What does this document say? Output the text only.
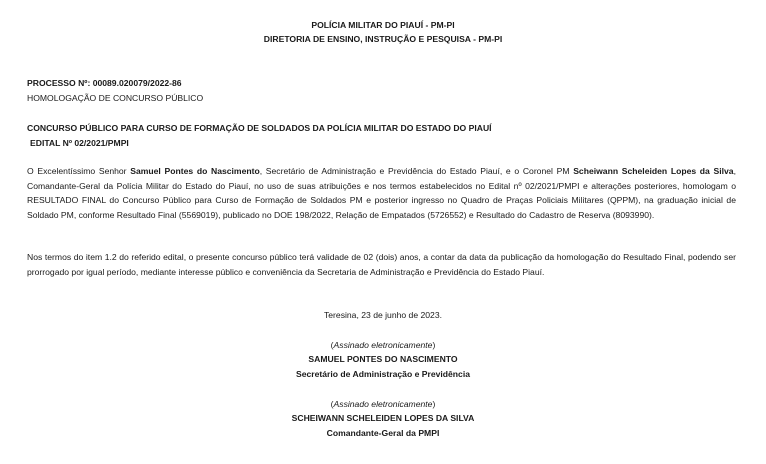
POLÍCIA MILITAR DO PIAUÍ - PM-PI
DIRETORIA DE ENSINO, INSTRUÇÃO E PESQUISA - PM-PI
PROCESSO Nº: 00089.020079/2022-86
HOMOLOGAÇÃO DE CONCURSO PÚBLICO
CONCURSO PÚBLICO PARA CURSO DE FORMAÇÃO DE SOLDADOS DA POLÍCIA MILITAR DO ESTADO DO PIAUÍ
EDITAL Nº 02/2021/PMPI
O Excelentíssimo Senhor Samuel Pontes do Nascimento, Secretário de Administração e Previdência do Estado Piauí, e o Coronel PM Scheiwann Scheleiden Lopes da Silva, Comandante-Geral da Polícia Militar do Estado do Piauí, no uso de suas atribuições e nos termos estabelecidos no Edital nº 02/2021/PMPI e alterações posteriores, homologam o RESULTADO FINAL do Concurso Público para Curso de Formação de Soldados PM e posterior ingresso no Quadro de Praças Policiais Militares (QPPM), na graduação inicial de Soldado PM, conforme Resultado Final (5569019), publicado no DOE 198/2022, Relação de Empatados (5726552) e Resultado do Cadastro de Reserva (8093990).
Nos termos do item 1.2 do referido edital, o presente concurso público terá validade de 02 (dois) anos, a contar da data da publicação da homologação do Resultado Final, podendo ser prorrogado por igual período, mediante interesse público e conveniência da Secretaria de Administração e Previdência do Estado Piauí.
Teresina, 23 de junho de 2023.
(Assinado eletronicamente)
SAMUEL PONTES DO NASCIMENTO
Secretário de Administração e Previdência
(Assinado eletronicamente)
SCHEIWANN SCHELEIDEN LOPES DA SILVA
Comandante-Geral da PMPI
